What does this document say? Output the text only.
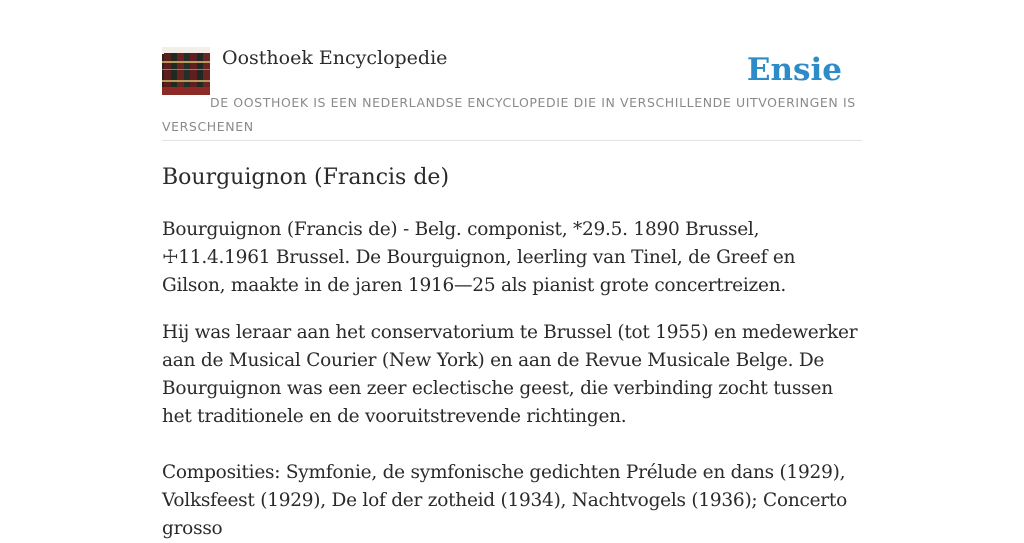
Oosthoek Encyclopedie	Ensie
DE OOSTHOEK IS EEN NEDERLANDSE ENCYCLOPEDIE DIE IN VERSCHILLENDE UITVOERINGEN IS VERSCHENEN
Bourguignon (Francis de)

Bourguignon (Francis de) - Belg. componist, *29.5. 1890 Brussel, ☩11.4.1961 Brussel. De Bourguignon, leerling van Tinel, de Greef en Gilson, maakte in de jaren 1916—25 als pianist grote concertreizen.

Hij was leraar aan het conservatorium te Brussel (tot 1955) en medewerker aan de Musical Courier (New York) en aan de Revue Musicale Belge. De Bourguignon was een zeer eclectische geest, die verbinding zocht tussen het traditionele en de vooruitstrevende richtingen.

Composities: Symfonie, de symfonische gedichten Prélude en dans (1929), Volksfeest (1929), De lof der zotheid (1934), Nachtvogels (1936); Concerto grosso
